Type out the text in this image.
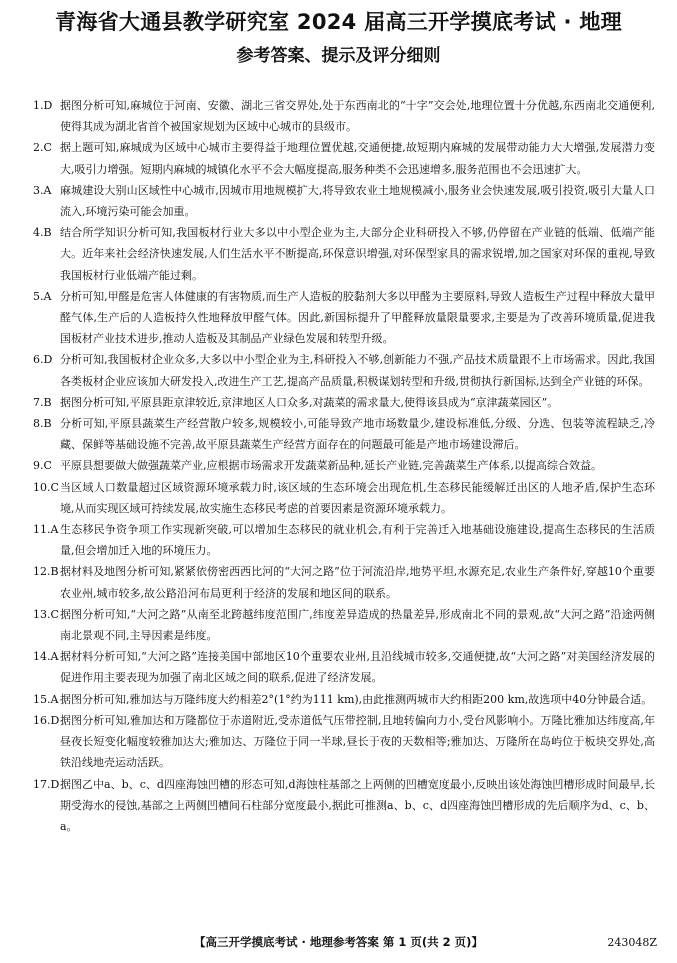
青海省大通县教学研究室 2024 届高三开学摸底考试 · 地理
参考答案、提示及评分细则
1.D 据图分析可知,麻城位于河南、安徽、湖北三省交界处,处于东西南北的“十字”交会处,地理位置十分优越,东西南北交通便利,使得其成为湖北省首个被国家规划为区域中心城市的县级市。
2.C 据上题可知,麻城成为区域中心城市主要得益于地理位置优越,交通便捷,故短期内麻城的发展带动能力大大增强,发展潜力变大,吸引力增强。短期内麻城的城镇化水平不会大幅度提高,服务种类不会迅速增多,服务范围也不会迅速扩大。
3.A 麻城建设大别山区域性中心城市,因城市用地规模扩大,将导致农业土地规模减小,服务业会快速发展,吸引投资,吸引大量人口流入,环境污染可能会加重。
4.B 结合所学知识分析可知,我国板材行业大多以中小型企业为主,大部分企业科研投入不够,仍停留在产业链的低端、低端产能大。近年来社会经济快速发展,人们生活水平不断提高,环保意识增强,对环保型家具的需求锐增,加之国家对环保的重视,导致我国板材行业低端产能过剩。
5.A 分析可知,甲醛是危害人体健康的有害物质,而生产人造板的胶黏剂大多以甲醛为主要原料,导致人造板生产过程中释放大量甲醛气体,生产后的人造板持久性地释放甲醛气体。因此,新国标提升了甲醛释放量限量要求,主要是为了改善环境质量,促进我国板材产业技术进步,推动人造板及其制品产业绿色发展和转型升级。
6.D 分析可知,我国板材企业众多,大多以中小型企业为主,科研投入不够,创新能力不强,产品技术质量跟不上市场需求。因此,我国各类板材企业应该加大研发投入,改进生产工艺,提高产品质量,积极谋划转型和升级,贯彻执行新国标,达到全产业链的环保。
7.B 据图分析可知,平原县距京津较近,京津地区人口众多,对蔬菜的需求量大,使得该县成为“京津蔬菜园区”。
8.B 分析可知,平原县蔬菜生产经营散户较多,规模较小,可能导致产地市场数量少,建设标准低,分级、分选、包装等流程缺乏,冷藏、保鲜等基础设施不完善,故平原县蔬菜生产经营方面存在的问题最可能是产地市场建设滞后。
9.C 平原县想要做大做强蔬菜产业,应根据市场需求开发蔬菜新品种,延长产业链,完善蔬菜生产体系,以提高综合效益。
10.C 当区域人口数量超过区域资源环境承载力时,该区域的生态环境会出现危机,生态移民能缓解迁出区的人地矛盾,保护生态环境,从而实现区域可持续发展,故实施生态移民考虑的首要因素是资源环境承载力。
11.A 生态移民争资争项工作实现新突破,可以增加生态移民的就业机会,有利于完善迁入地基础设施建设,提高生态移民的生活质量,但会增加迁入地的环境压力。
12.B 据材料及地图分析可知,紧紧依傍密西西比河的“大河之路”位于河流沿岸,地势平坦,水源充足,农业生产条件好,穿越10个重要农业州,城市较多,故公路沿河布局更利于经济的发展和地区间的联系。
13.C 据图分析可知,“大河之路”从南至北跨越纬度范围广,纬度差异造成的热量差异,形成南北不同的景观,故“大河之路”沿途两侧南北景观不同,主导因素是纬度。
14.A 据材料分析可知,“大河之路”连接美国中部地区10个重要农业州,且沿线城市较多,交通便捷,故“大河之路”对美国经济发展的促进作用主要表现为加强了南北区域之间的联系,促进了经济发展。
15.A 据图分析可知,雅加达与万隆纬度大约相差2°(1°约为111 km),由此推测两城市大约相距200 km,故选项中40分钟最合适。
16.D 据图分析可知,雅加达和万隆都位于赤道附近,受赤道低气压带控制,且地转偏向力小,受台风影响小。万隆比雅加达纬度高,年昼夜长短变化幅度较雅加达大;雅加达、万隆位于同一半球,昼长于夜的天数相等;雅加达、万隆所在岛屿位于板块交界处,高铁沿线地壳运动活跃。
17.D 据图乙中a、b、c、d四座海蚀凹槽的形态可知,d海蚀柱基部之上两侧的凹槽宽度最小,反映出该处海蚀凹槽形成时间最早,长期受海水的侵蚀,基部之上两侧凹槽间石柱部分宽度最小,据此可推测a、b、c、d四座海蚀凹槽形成的先后顺序为d、c、b、a。
【高三开学摸底考试 · 地理参考答案 第 1 页(共 2 页)】	243048Z
